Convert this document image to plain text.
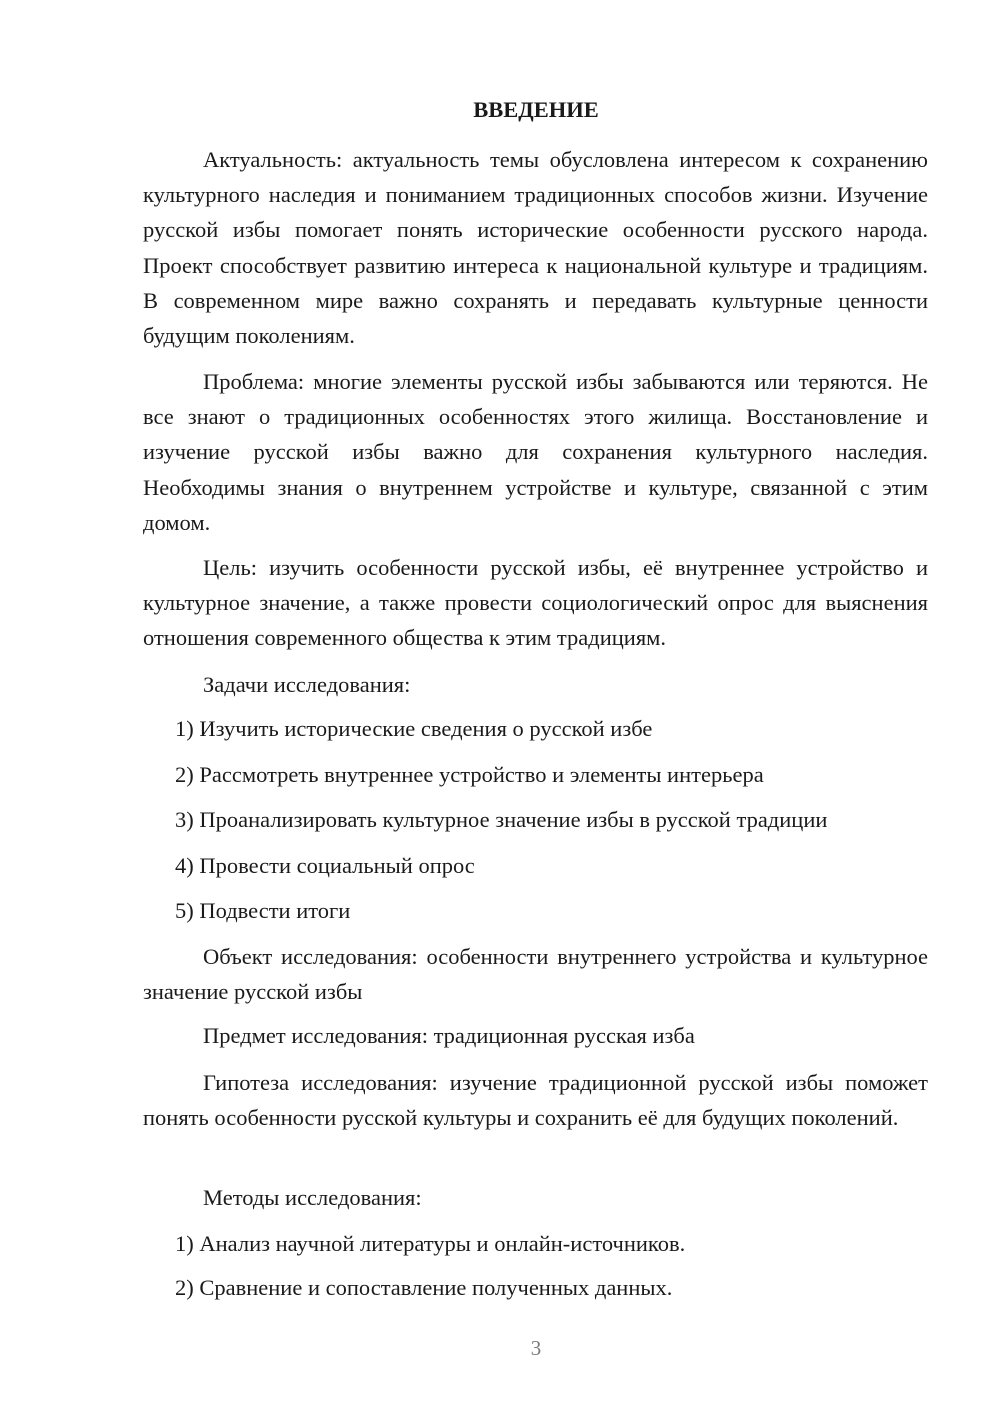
ВВЕДЕНИЕ

Актуальность: актуальность темы обусловлена интересом к сохранению культурного наследия и пониманием традиционных способов жизни. Изучение русской избы помогает понять исторические особенности русского народа. Проект способствует развитию интереса к национальной культуре и традициям. В современном мире важно сохранять и передавать культурные ценности будущим поколениям.

Проблема: многие элементы русской избы забываются или теряются. Не все знают о традиционных особенностях этого жилища. Восстановление и изучение русской избы важно для сохранения культурного наследия. Необходимы знания о внутреннем устройстве и культуре, связанной с этим домом.

Цель: изучить особенности русской избы, её внутреннее устройство и культурное значение, а также провести социологический опрос для выяснения отношения современного общества к этим традициям.

Задачи исследования:

1) Изучить исторические сведения о русской избе

2) Рассмотреть внутреннее устройство и элементы интерьера

3) Проанализировать культурное значение избы в русской традиции

4) Провести социальный опрос

5) Подвести итоги

Объект исследования: особенности внутреннего устройства и культурное значение русской избы

Предмет исследования: традиционная русская изба

Гипотеза исследования: изучение традиционной русской избы поможет понять особенности русской культуры и сохранить её для будущих поколений.

Методы исследования:

1) Анализ научной литературы и онлайн-источников.

2) Сравнение и сопоставление полученных данных.

3
